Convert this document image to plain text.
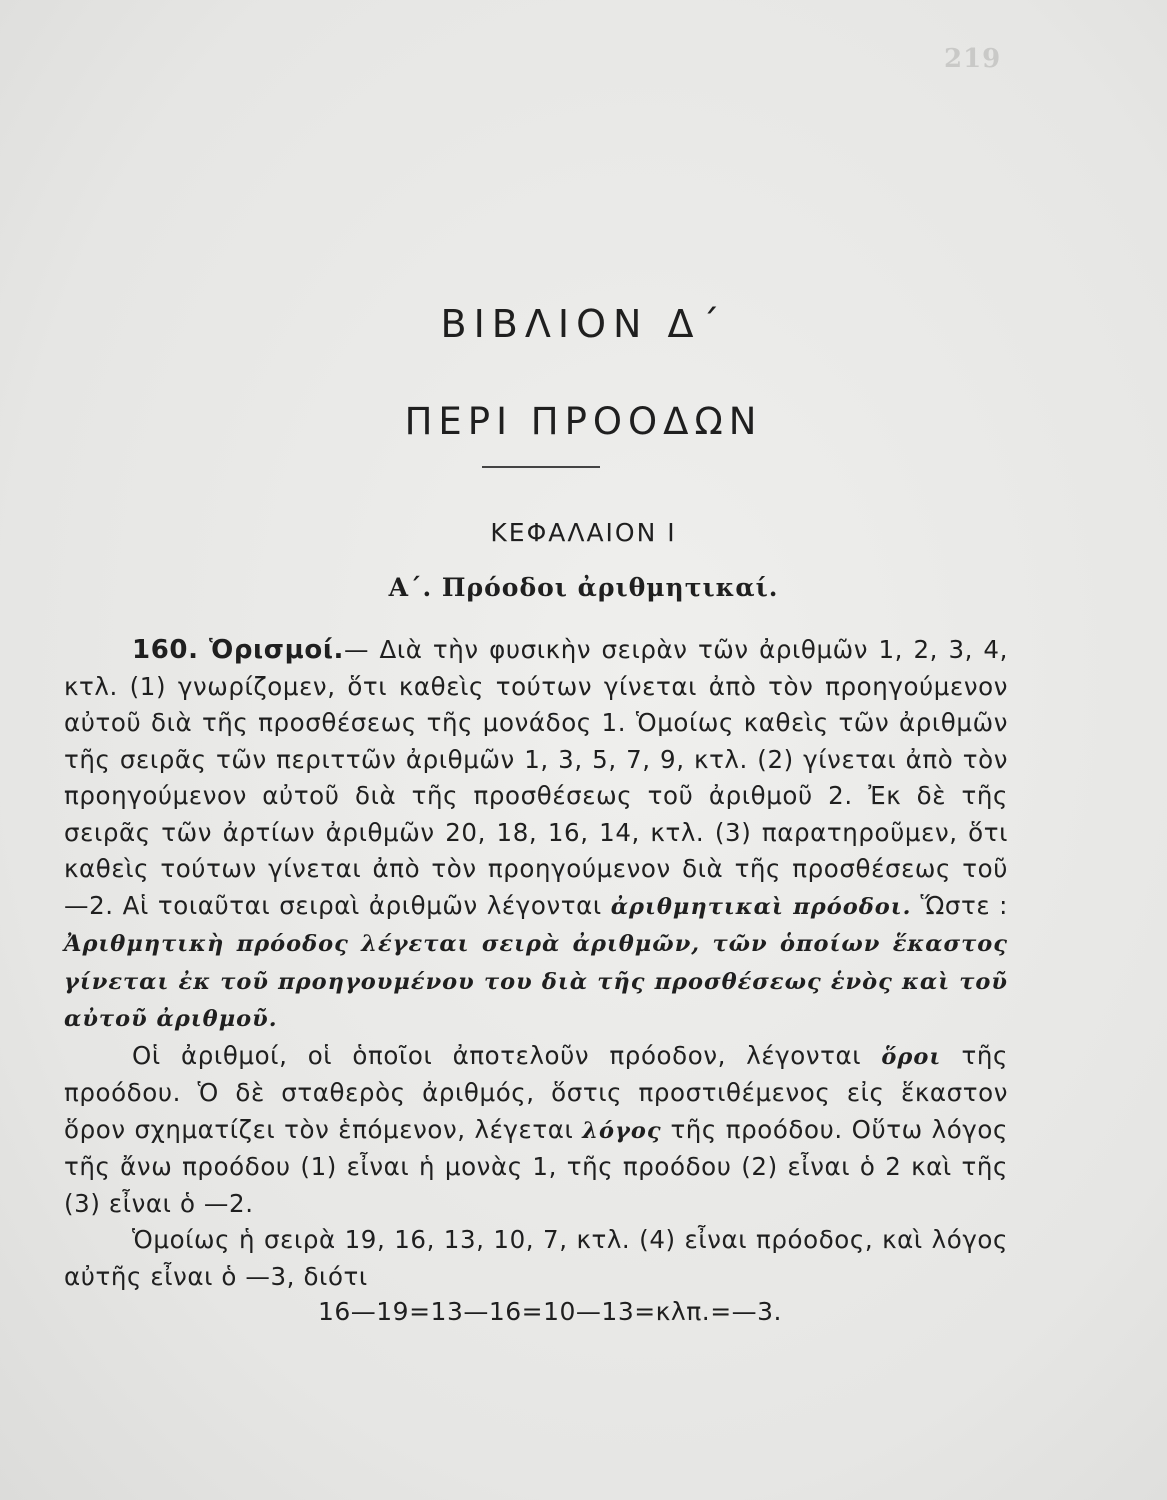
219
ΒΙΒΛΙΟΝ Δ΄
ΠΕΡΙ ΠΡΟΟΔΩΝ
ΚΕΦΑΛΑΙΟΝ Ι
Α΄. Πρόοδοι ἀριθμητικαί.

160. Ὁρισμοί.— Διὰ τὴν φυσικὴν σειρὰν τῶν ἀριθμῶν 1, 2, 3, 4, κτλ. (1) γνωρίζομεν, ὅτι καθεὶς τούτων γίνεται ἀπὸ τὸν προηγούμενον αὐτοῦ διὰ τῆς προσθέσεως τῆς μονάδος 1. Ὁμοίως καθεὶς τῶν ἀριθμῶν τῆς σειρᾶς τῶν περιττῶν ἀριθμῶν 1, 3, 5, 7, 9, κτλ. (2) γίνεται ἀπὸ τὸν προηγούμενον αὐτοῦ διὰ τῆς προσθέσεως τοῦ ἀριθμοῦ 2. Ἐκ δὲ τῆς σειρᾶς τῶν ἀρτίων ἀριθμῶν 20, 18, 16, 14, κτλ. (3) παρατηροῦμεν, ὅτι καθεὶς τούτων γίνεται ἀπὸ τὸν προηγούμενον διὰ τῆς προσθέσεως τοῦ —2. Αἱ τοιαῦται σειραὶ ἀριθμῶν λέγονται ἀριθμητικαὶ πρόοδοι. Ὥστε : Ἀριθμητικὴ πρόοδος λέγεται σειρὰ ἀριθμῶν, τῶν ὁποίων ἕκαστος γίνεται ἐκ τοῦ προηγουμένου του διὰ τῆς προσθέσεως ἑνὸς καὶ τοῦ αὐτοῦ ἀριθμοῦ.

Οἱ ἀριθμοί, οἱ ὁποῖοι ἀποτελοῦν πρόοδον, λέγονται ὅροι τῆς προόδου. Ὁ δὲ σταθερὸς ἀριθμός, ὅστις προστιθέμενος εἰς ἕκαστον ὅρον σχηματίζει τὸν ἑπόμενον, λέγεται λόγος τῆς προόδου. Οὕτω λόγος τῆς ἄνω προόδου (1) εἶναι ἡ μονὰς 1, τῆς προόδου (2) εἶναι ὁ 2 καὶ τῆς (3) εἶναι ὁ —2.

Ὁμοίως ἡ σειρὰ 19, 16, 13, 10, 7, κτλ. (4) εἶναι πρόοδος, καὶ λόγος αὐτῆς εἶναι ὁ —3, διότι

16—19=13—16=10—13=κλπ.=—3.
